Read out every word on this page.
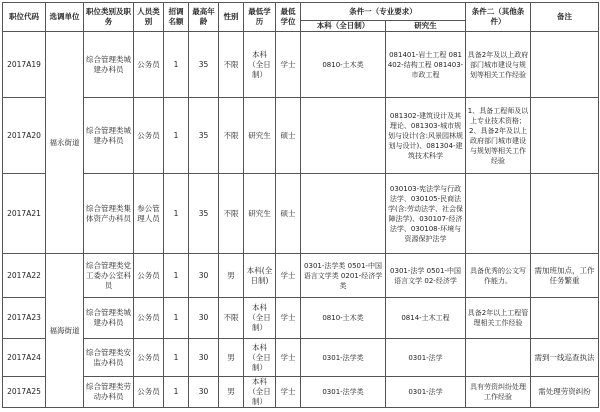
职位代码	选调单位	职位类别及职务	人员类别	招调名额	最高年龄	性别	最低学历	最低学位	条件一（专业要求）		条件二（其他条件）	备注
									本科（全日制）	研究生		
2017A19	福永街道	综合管理类城建办科员	公务员	1	35	不限	本科（全日制）	学士	0810-土木类	081401-岩土工程 081402-结构工程 081403-市政工程	具备2年及以上政府部门城市建设与规划等相关工作经验	
2017A20		综合管理类城建办科员	公务员	1	35	不限	研究生	硕士		081302-建筑设计及其理论、081303-城市规划与设计(含:风景园林规划与设计)、081304-建筑技术科学	1、具备工程师及以上专业技术资格；2、具备2年及以上政府部门城市建设与规划等相关工作经验	
2017A21		综合管理类集体资产办科员	参公管理人员	1	35	不限	研究生	硕士		030103-宪法学与行政法学、030105-民商法学(含:劳动法学、社会保障法学)、030107-经济法学、030108-环境与资源保护法学		
2017A22	福海街道	综合管理类党工委办公室科员	公务员	1	30	男	本科(全日制)	学士	0301-法学类 0501-中国语言文学类 0201-经济学类	0301-法学 0501-中国语言文学 02-经济学	具备优秀的公文写作能力。	需加班加点，工作任务繁重
2017A23		综合管理类城建办科员	公务员	1	30	不限	本科（全日制）	学士	0810-土木类	0814-土木工程	具备2年以上工程管理相关工作经验	
2017A24		综合管理类安监办科员	公务员	1	30	男	本科（全日制）	学士	0301-法学类	0301-法学		需到一线巡查执法
2017A25		综合管理类劳动办科员	公务员	1	30	男	本科（全日制）	学士	0301-法学类	0301-法学	具有劳资纠纷处理工作经验	需处理劳资纠纷
